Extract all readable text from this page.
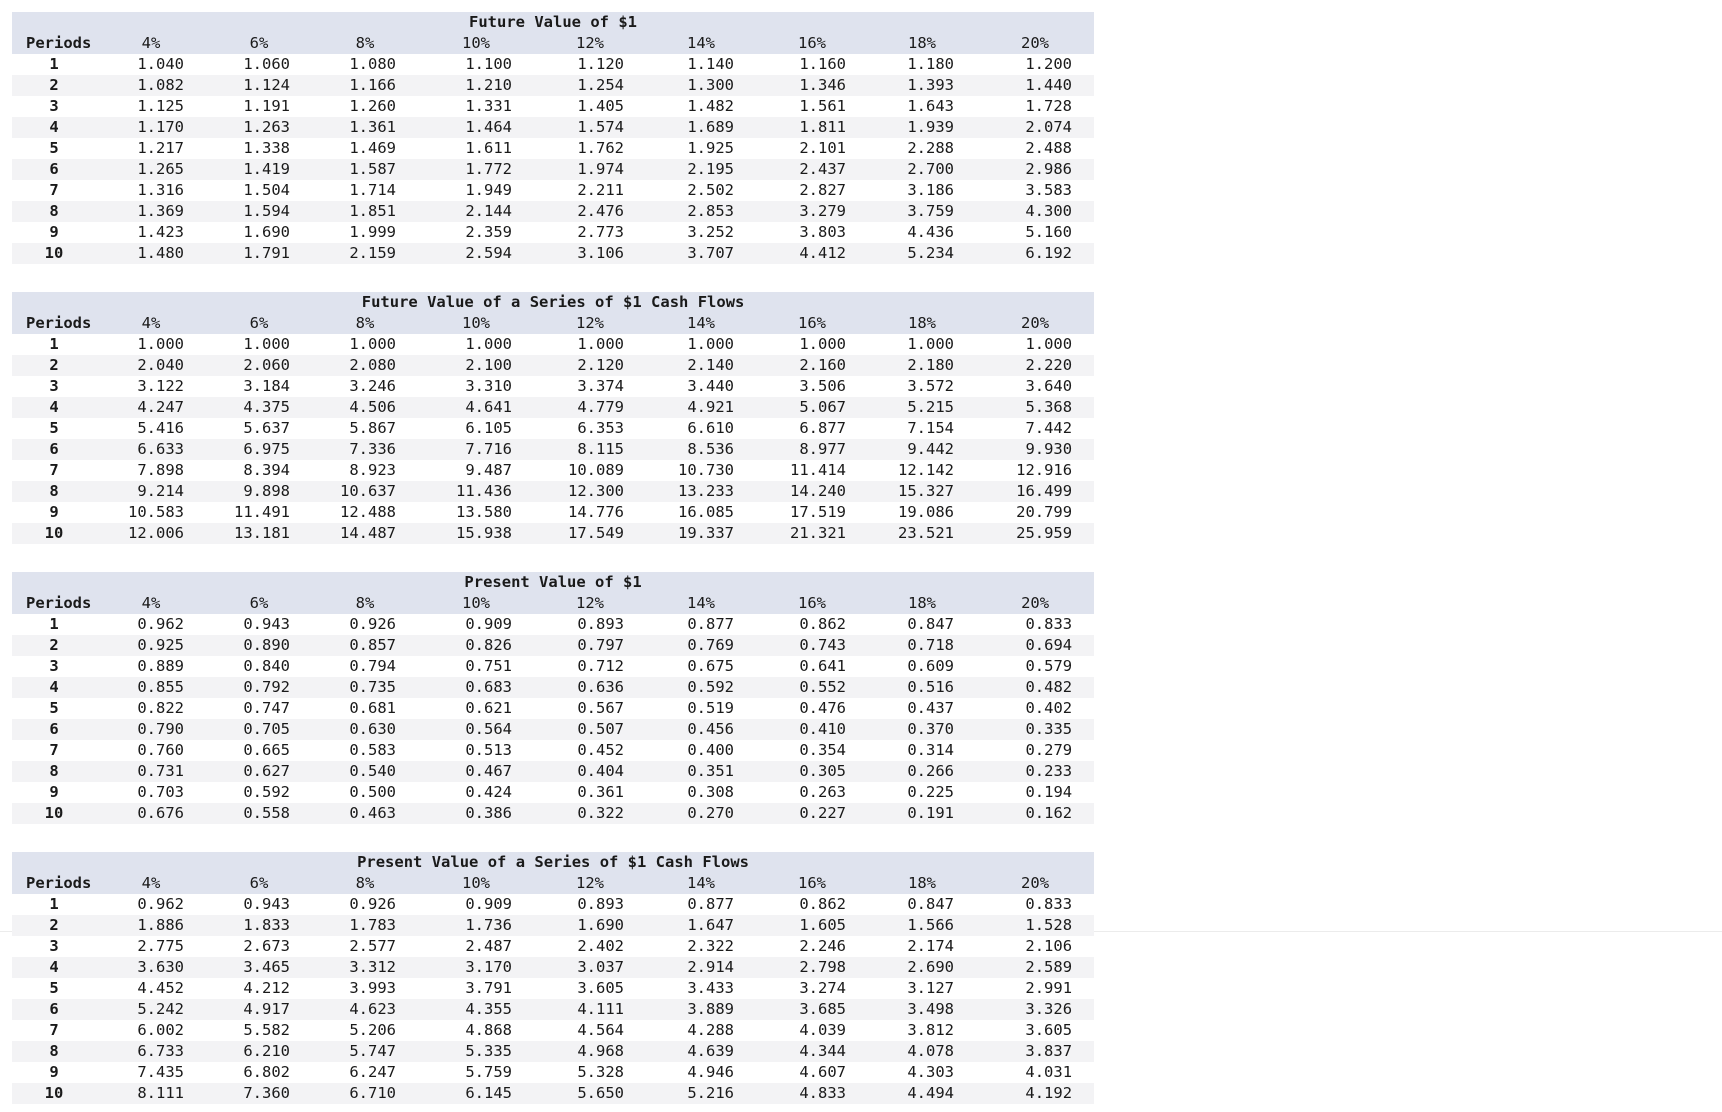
Future Value of $1									
Periods	4%	6%	8%	10%	12%	14%	16%	18%	20%
1	1.040	1.060	1.080	1.100	1.120	1.140	1.160	1.180	1.200
2	1.082	1.124	1.166	1.210	1.254	1.300	1.346	1.393	1.440
3	1.125	1.191	1.260	1.331	1.405	1.482	1.561	1.643	1.728
4	1.170	1.263	1.361	1.464	1.574	1.689	1.811	1.939	2.074
5	1.217	1.338	1.469	1.611	1.762	1.925	2.101	2.288	2.488
6	1.265	1.419	1.587	1.772	1.974	2.195	2.437	2.700	2.986
7	1.316	1.504	1.714	1.949	2.211	2.502	2.827	3.186	3.583
8	1.369	1.594	1.851	2.144	2.476	2.853	3.279	3.759	4.300
9	1.423	1.690	1.999	2.359	2.773	3.252	3.803	4.436	5.160
10	1.480	1.791	2.159	2.594	3.106	3.707	4.412	5.234	6.192
Future Value of a Series of $1 Cash Flows									
Periods	4%	6%	8%	10%	12%	14%	16%	18%	20%
1	1.000	1.000	1.000	1.000	1.000	1.000	1.000	1.000	1.000
2	2.040	2.060	2.080	2.100	2.120	2.140	2.160	2.180	2.220
3	3.122	3.184	3.246	3.310	3.374	3.440	3.506	3.572	3.640
4	4.247	4.375	4.506	4.641	4.779	4.921	5.067	5.215	5.368
5	5.416	5.637	5.867	6.105	6.353	6.610	6.877	7.154	7.442
6	6.633	6.975	7.336	7.716	8.115	8.536	8.977	9.442	9.930
7	7.898	8.394	8.923	9.487	10.089	10.730	11.414	12.142	12.916
8	9.214	9.898	10.637	11.436	12.300	13.233	14.240	15.327	16.499
9	10.583	11.491	12.488	13.580	14.776	16.085	17.519	19.086	20.799
10	12.006	13.181	14.487	15.938	17.549	19.337	21.321	23.521	25.959
Present Value of $1									
Periods	4%	6%	8%	10%	12%	14%	16%	18%	20%
1	0.962	0.943	0.926	0.909	0.893	0.877	0.862	0.847	0.833
2	0.925	0.890	0.857	0.826	0.797	0.769	0.743	0.718	0.694
3	0.889	0.840	0.794	0.751	0.712	0.675	0.641	0.609	0.579
4	0.855	0.792	0.735	0.683	0.636	0.592	0.552	0.516	0.482
5	0.822	0.747	0.681	0.621	0.567	0.519	0.476	0.437	0.402
6	0.790	0.705	0.630	0.564	0.507	0.456	0.410	0.370	0.335
7	0.760	0.665	0.583	0.513	0.452	0.400	0.354	0.314	0.279
8	0.731	0.627	0.540	0.467	0.404	0.351	0.305	0.266	0.233
9	0.703	0.592	0.500	0.424	0.361	0.308	0.263	0.225	0.194
10	0.676	0.558	0.463	0.386	0.322	0.270	0.227	0.191	0.162
Present Value of a Series of $1 Cash Flows									
Periods	4%	6%	8%	10%	12%	14%	16%	18%	20%
1	0.962	0.943	0.926	0.909	0.893	0.877	0.862	0.847	0.833
2	1.886	1.833	1.783	1.736	1.690	1.647	1.605	1.566	1.528
3	2.775	2.673	2.577	2.487	2.402	2.322	2.246	2.174	2.106
4	3.630	3.465	3.312	3.170	3.037	2.914	2.798	2.690	2.589
5	4.452	4.212	3.993	3.791	3.605	3.433	3.274	3.127	2.991
6	5.242	4.917	4.623	4.355	4.111	3.889	3.685	3.498	3.326
7	6.002	5.582	5.206	4.868	4.564	4.288	4.039	3.812	3.605
8	6.733	6.210	5.747	5.335	4.968	4.639	4.344	4.078	3.837
9	7.435	6.802	6.247	5.759	5.328	4.946	4.607	4.303	4.031
10	8.111	7.360	6.710	6.145	5.650	5.216	4.833	4.494	4.192
